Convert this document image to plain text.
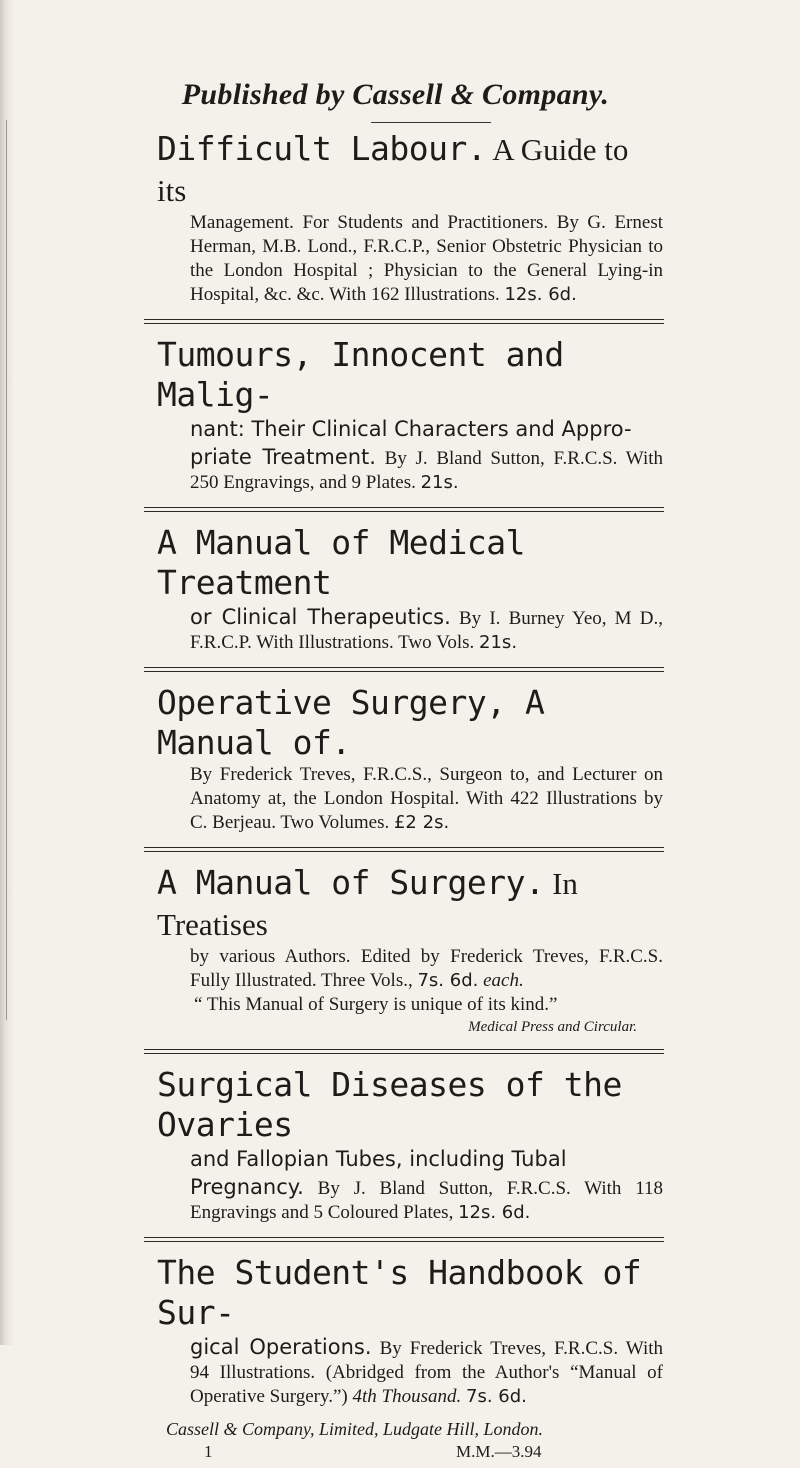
Published by Cassell & Company.
Difficult Labour. A Guide to its
Management. For Students and Practitioners. By G. Ernest Herman, M.B. Lond., F.R.C.P., Senior Obstetric Physician to the London Hospital ; Physician to the General Lying-in Hospital, &c. &c. With 162 Illustrations. 12s. 6d.
Tumours, Innocent and Malig-
nant: Their Clinical Characters and Appro-
priate Treatment. By J. Bland Sutton, F.R.C.S. With 250 Engravings, and 9 Plates. 21s.
A Manual of Medical Treatment
or Clinical Therapeutics. By I. Burney Yeo, M D., F.R.C.P. With Illustrations. Two Vols. 21s.
Operative Surgery, A Manual of.
By Frederick Treves, F.R.C.S., Surgeon to, and Lecturer on Anatomy at, the London Hospital. With 422 Illustrations by C. Berjeau. Two Volumes. £2 2s.
A Manual of Surgery. In Treatises
by various Authors. Edited by Frederick Treves, F.R.C.S. Fully Illustrated. Three Vols., 7s. 6d. each.
“ This Manual of Surgery is unique of its kind.”
Medical Press and Circular.
Surgical Diseases of the Ovaries
and Fallopian Tubes, including Tubal
Pregnancy. By J. Bland Sutton, F.R.C.S. With 118 Engravings and 5 Coloured Plates, 12s. 6d.
The Student's Handbook of Sur-
gical Operations. By Frederick Treves, F.R.C.S. With 94 Illustrations. (Abridged from the Author's “Manual of Operative Surgery.”) 4th Thousand. 7s. 6d.
Cassell & Company, Limited, Ludgate Hill, London.
1	M.M.—3.94
